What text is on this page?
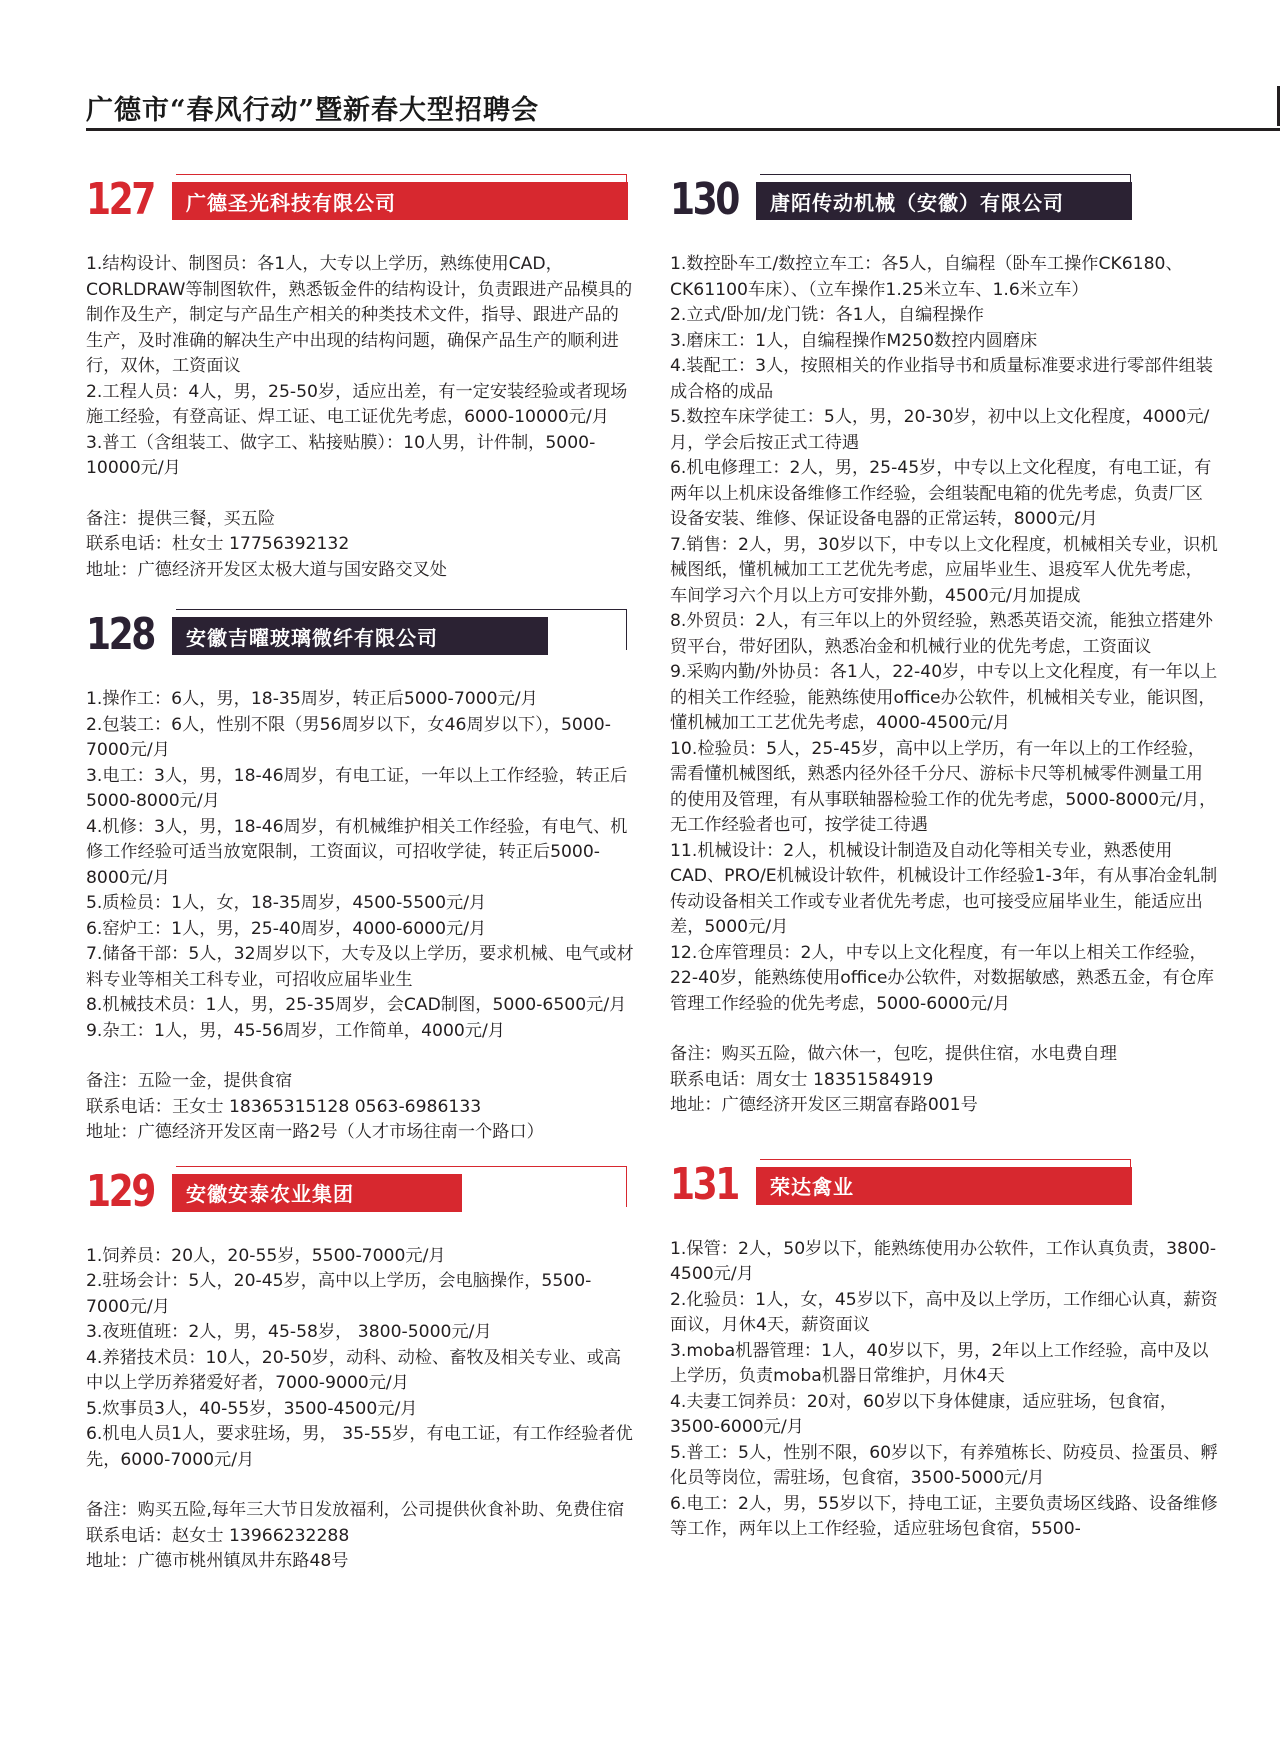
广德市“春风行动”暨新春大型招聘会
127 广德圣光科技有限公司

1.结构设计、制图员：各1人，大专以上学历，熟练使用CAD，CORLDRAW等制图软件，熟悉钣金件的结构设计，负责跟进产品模具的制作及生产，制定与产品生产相关的种类技术文件，指导、跟进产品的生产，及时准确的解决生产中出现的结构问题，确保产品生产的顺利进行，双休，工资面议

2.工程人员：4人，男，25-50岁，适应出差，有一定安装经验或者现场施工经验，有登高证、焊工证、电工证优先考虑，6000-10000元/月

3.普工（含组装工、做字工、粘接贴膜）：10人男，计件制，5000-10000元/月

备注：提供三餐，买五险
联系电话：杜女士 17756392132
地址：广德经济开发区太极大道与国安路交叉处
128 安徽吉曜玻璃微纤有限公司

1.操作工：6人，男，18-35周岁，转正后5000-7000元/月

2.包装工：6人，性别不限（男56周岁以下，女46周岁以下），5000-7000元/月

3.电工：3人，男，18-46周岁，有电工证，一年以上工作经验，转正后5000-8000元/月

4.机修：3人，男，18-46周岁，有机械维护相关工作经验，有电气、机修工作经验可适当放宽限制，工资面议，可招收学徒，转正后5000-8000元/月

5.质检员：1人，女，18-35周岁，4500-5500元/月

6.窑炉工：1人，男，25-40周岁，4000-6000元/月

7.储备干部：5人，32周岁以下，大专及以上学历，要求机械、电气或材料专业等相关工科专业，可招收应届毕业生

8.机械技术员：1人，男，25-35周岁，会CAD制图，5000-6500元/月

9.杂工：1人，男，45-56周岁，工作简单，4000元/月

备注：五险一金，提供食宿
联系电话：王女士 18365315128 0563-6986133
地址：广德经济开发区南一路2号（人才市场往南一个路口）
129 安徽安泰农业集团

1.饲养员：20人，20-55岁，5500-7000元/月

2.驻场会计：5人，20-45岁，高中以上学历，会电脑操作，5500-7000元/月

3.夜班值班：2人，男，45-58岁， 3800-5000元/月

4.养猪技术员：10人，20-50岁，动科、动检、畜牧及相关专业、或高中以上学历养猪爱好者，7000-9000元/月

5.炊事员3人，40-55岁，3500-4500元/月

6.机电人员1人，要求驻场，男， 35-55岁，有电工证，有工作经验者优先，6000-7000元/月

备注：购买五险,每年三大节日发放福利，公司提供伙食补助、免费住宿
联系电话：赵女士 13966232288
地址：广德市桃州镇凤井东路48号
130 唐陌传动机械（安徽）有限公司

1.数控卧车工/数控立车工：各5人，自编程（卧车工操作CK6180、CK61100车床）、（立车操作1.25米立车、1.6米立车）

2.立式/卧加/龙门铣：各1人，自编程操作

3.磨床工：1人，自编程操作M250数控内圆磨床

4.装配工：3人，按照相关的作业指导书和质量标准要求进行零部件组装成合格的成品

5.数控车床学徒工：5人，男，20-30岁，初中以上文化程度，4000元/月，学会后按正式工待遇

6.机电修理工：2人，男，25-45岁，中专以上文化程度，有电工证，有两年以上机床设备维修工作经验，会组装配电箱的优先考虑，负责厂区设备安装、维修、保证设备电器的正常运转，8000元/月

7.销售：2人，男，30岁以下，中专以上文化程度，机械相关专业，识机械图纸，懂机械加工工艺优先考虑，应届毕业生、退疫军人优先考虑，车间学习六个月以上方可安排外勤，4500元/月加提成

8.外贸员：2人，有三年以上的外贸经验，熟悉英语交流，能独立搭建外贸平台，带好团队，熟悉冶金和机械行业的优先考虑，工资面议

9.采购内勤/外协员：各1人，22-40岁，中专以上文化程度，有一年以上的相关工作经验，能熟练使用office办公软件，机械相关专业，能识图，懂机械加工工艺优先考虑，4000-4500元/月

10.检验员：5人，25-45岁，高中以上学历，有一年以上的工作经验，需看懂机械图纸，熟悉内径外径千分尺、游标卡尺等机械零件测量工用的使用及管理，有从事联轴器检验工作的优先考虑，5000-8000元/月，无工作经验者也可，按学徒工待遇

11.机械设计：2人，机械设计制造及自动化等相关专业，熟悉使用CAD、PRO/E机械设计软件，机械设计工作经验1-3年，有从事冶金轧制传动设备相关工作或专业者优先考虑，也可接受应届毕业生，能适应出差，5000元/月

12.仓库管理员：2人，中专以上文化程度，有一年以上相关工作经验，22-40岁，能熟练使用office办公软件，对数据敏感，熟悉五金，有仓库管理工作经验的优先考虑，5000-6000元/月

备注：购买五险，做六休一，包吃，提供住宿，水电费自理
联系电话：周女士 18351584919
地址：广德经济开发区三期富春路001号
131 荣达禽业

1.保管：2人，50岁以下，能熟练使用办公软件，工作认真负责，3800-4500元/月

2.化验员：1人，女，45岁以下，高中及以上学历，工作细心认真，薪资面议，月休4天，薪资面议

3.moba机器管理：1人，40岁以下，男，2年以上工作经验，高中及以上学历，负责moba机器日常维护，月休4天

4.夫妻工饲养员：20对，60岁以下身体健康，适应驻场，包食宿，3500-6000元/月

5.普工：5人，性别不限，60岁以下，有养殖栋长、防疫员、捡蛋员、孵化员等岗位，需驻场，包食宿，3500-5000元/月

6.电工：2人，男，55岁以下，持电工证，主要负责场区线路、设备维修等工作，两年以上工作经验，适应驻场包食宿，5500-
